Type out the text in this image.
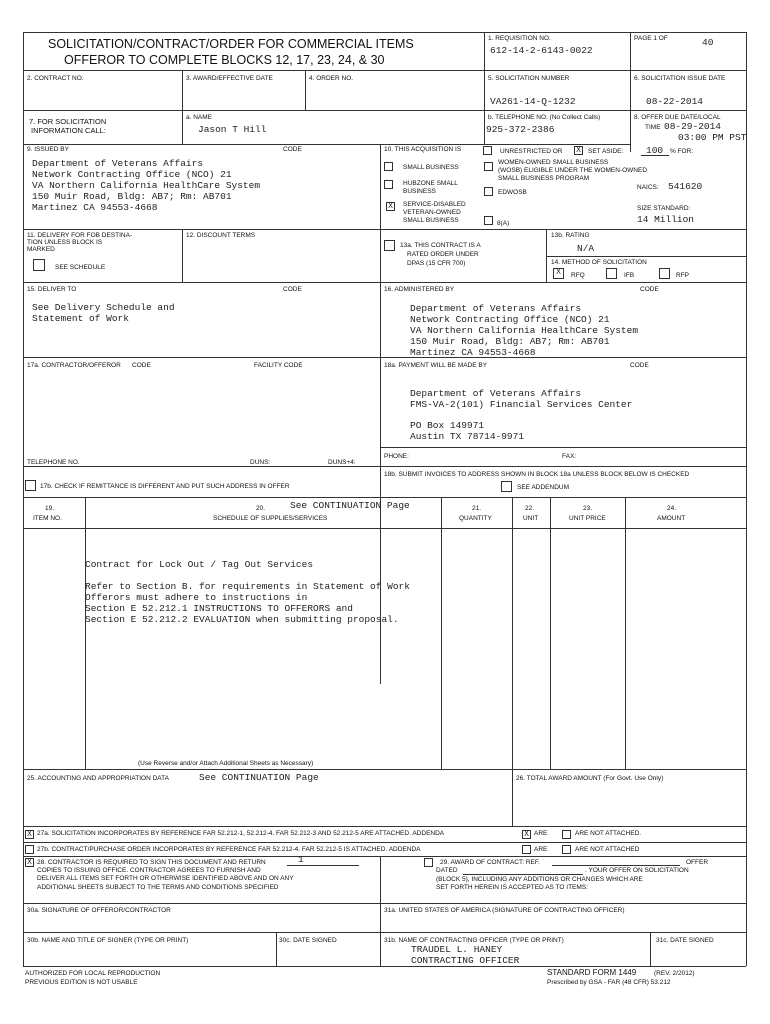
SOLICITATION/CONTRACT/ORDER FOR COMMERCIAL ITEMS
OFFEROR TO COMPLETE BLOCKS 12, 17, 23, 24, & 30
1. REQUISITION NO.
612-14-2-6143-0022
PAGE 1 OF	40
2. CONTRACT NO.	3. AWARD/EFFECTIVE DATE	4. ORDER NO.	5. SOLICITATION NUMBER
VA261-14-Q-1232
6. SOLICITATION ISSUE DATE
08-22-2014
7. FOR SOLICITATION
INFORMATION CALL:
a. NAME
Jason T Hill
b. TELEPHONE NO. (No Collect Calls)
925-372-2386
8. OFFER DUE DATE/LOCAL
TIME 08-29-2014
03:00 PM PST
9. ISSUED BY	CODE
Department of Veterans Affairs
Network Contracting Office (NCO) 21
VA Northern California HealthCare System
150 Muir Road, Bldg: AB7; Rm: AB701
Martinez CA 94553-4668
10. THIS ACQUISITION IS	UNRESTRICTED OR X	SET ASIDE: 100 % FOR:
SMALL BUSINESS
HUBZONE SMALL
BUSINESS
X	SERVICE-DISABLED
VETERAN-OWNED
SMALL BUSINESS
WOMEN-OWNED SMALL BUSINESS
(WOSB) ELIGIBLE UNDER THE WOMEN-OWNED
SMALL BUSINESS PROGRAM
EDWOSB
8(A)
NAICS: 541620
SIZE STANDARD:
14 Million
11. DELIVERY FOR FOB DESTINA-
TION UNLESS BLOCK IS
MARKED
SEE SCHEDULE
12. DISCOUNT TERMS
13a. THIS CONTRACT IS A
RATED ORDER UNDER
DPAS (15 CFR 700)
13b. RATING
N/A
14. METHOD OF SOLICITATION
X	RFQ	IFB	RFP
15. DELIVER TO	CODE
See Delivery Schedule and
Statement of Work
16. ADMINISTERED BY	CODE
Department of Veterans Affairs
Network Contracting Office (NCO) 21
VA Northern California HealthCare System
150 Muir Road, Bldg: AB7; Rm: AB701
Martinez CA 94553-4668
17a. CONTRACTOR/OFFEROR CODE	FACILITY CODE	18a. PAYMENT WILL BE MADE BY	CODE
Department of Veterans Affairs
FMS-VA-2(101) Financial Services Center
PO Box 149971
Austin TX 78714-9971
TELEPHONE NO.	DUNS:	DUNS+4:
PHONE:	FAX:
17b. CHECK IF REMITTANCE IS DIFFERENT AND PUT SUCH ADDRESS IN OFFER
18b. SUBMIT INVOICES TO ADDRESS SHOWN IN BLOCK 18a UNLESS BLOCK BELOW IS CHECKED
SEE ADDENDUM
19.
ITEM NO.
20.	See CONTINUATION Page
SCHEDULE OF SUPPLIES/SERVICES
21.
QUANTITY
22.
UNIT
23.
UNIT PRICE
24.
AMOUNT
Contract for Lock Out / Tag Out Services
Refer to Section B. for requirements in Statement of Work
Offerors must adhere to instructions in
Section E 52.212.1 INSTRUCTIONS TO OFFERORS and
Section E 52.212.2 EVALUATION when submitting proposal.
(Use Reverse and/or Attach Additional Sheets as Necessary)
25. ACCOUNTING AND APPROPRIATION DATA	See CONTINUATION Page	26. TOTAL AWARD AMOUNT (For Govt. Use Only)
X 27a. SOLICITATION INCORPORATES BY REFERENCE FAR 52.212-1, 52.212-4. FAR 52.212-3 AND 52.212-5 ARE ATTACHED. ADDENDA	X ARE	ARE NOT ATTACHED.
27b. CONTRACT/PURCHASE ORDER INCORPORATES BY REFERENCE FAR 52.212-4. FAR 52.212-5 IS ATTACHED. ADDENDA	ARE	ARE NOT ATTACHED
X 28. CONTRACTOR IS REQUIRED TO SIGN THIS DOCUMENT AND RETURN	1
COPIES TO ISSUING OFFICE. CONTRACTOR AGREES TO FURNISH AND
DELIVER ALL ITEMS SET FORTH OR OTHERWISE IDENTIFIED ABOVE AND ON ANY
ADDITIONAL SHEETS SUBJECT TO THE TERMS AND CONDITIONS SPECIFIED
29. AWARD OF CONTRACT: REF.	OFFER
DATED	. YOUR OFFER ON SOLICITATION
(BLOCK 5), INCLUDING ANY ADDITIONS OR CHANGES WHICH ARE
SET FORTH HEREIN IS ACCEPTED AS TO ITEMS:
30a. SIGNATURE OF OFFEROR/CONTRACTOR	31a. UNITED STATES OF AMERICA (SIGNATURE OF CONTRACTING OFFICER)
30b. NAME AND TITLE OF SIGNER (TYPE OR PRINT)	30c. DATE SIGNED	31b. NAME OF CONTRACTING OFFICER (TYPE OR PRINT)
TRAUDEL L. HANEY
CONTRACTING OFFICER
31c. DATE SIGNED
AUTHORIZED FOR LOCAL REPRODUCTION
PREVIOUS EDITION IS NOT USABLE
STANDARD FORM 1449	(REV. 2/2012)
Prescribed by GSA - FAR (48 CFR) 53.212
